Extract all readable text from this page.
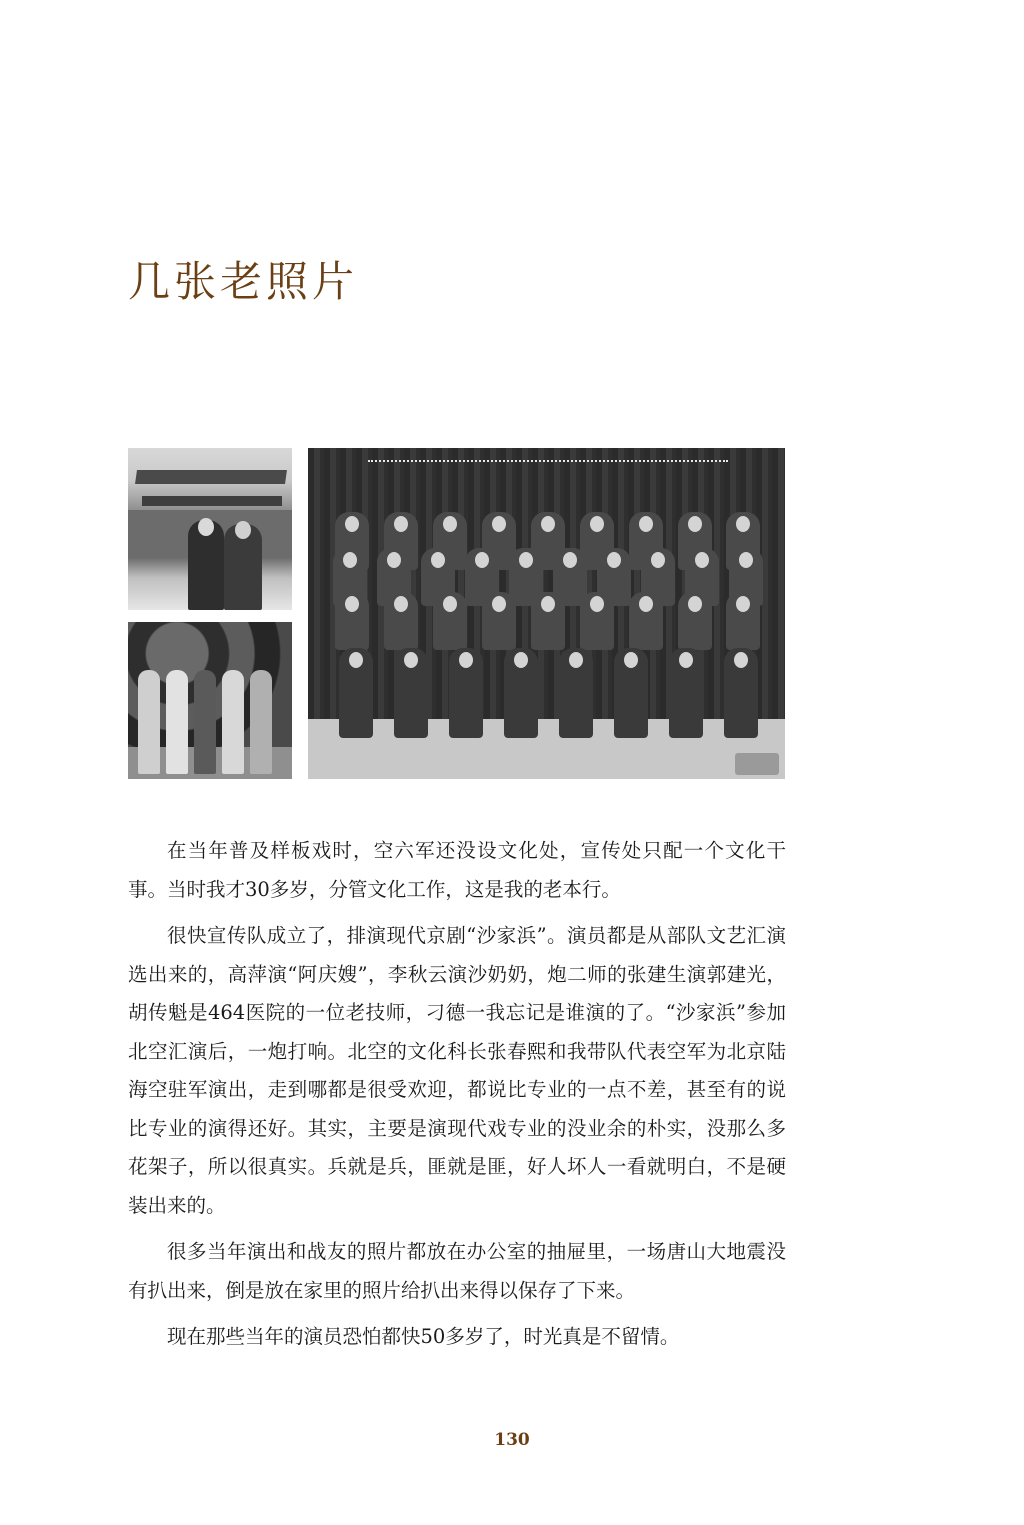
几张老照片

在当年普及样板戏时，空六军还没设文化处，宣传处只配一个文化干事。当时我才30多岁，分管文化工作，这是我的老本行。

很快宣传队成立了，排演现代京剧“沙家浜”。演员都是从部队文艺汇演选出来的，高萍演“阿庆嫂”，李秋云演沙奶奶，炮二师的张建生演郭建光，胡传魁是464医院的一位老技师，刁德一我忘记是谁演的了。“沙家浜”参加北空汇演后，一炮打响。北空的文化科长张春熙和我带队代表空军为北京陆海空驻军演出，走到哪都是很受欢迎，都说比专业的一点不差，甚至有的说比专业的演得还好。其实，主要是演现代戏专业的没业余的朴实，没那么多花架子，所以很真实。兵就是兵，匪就是匪，好人坏人一看就明白，不是硬装出来的。

很多当年演出和战友的照片都放在办公室的抽屉里，一场唐山大地震没有扒出来，倒是放在家里的照片给扒出来得以保存了下来。

现在那些当年的演员恐怕都快50多岁了，时光真是不留情。

130
